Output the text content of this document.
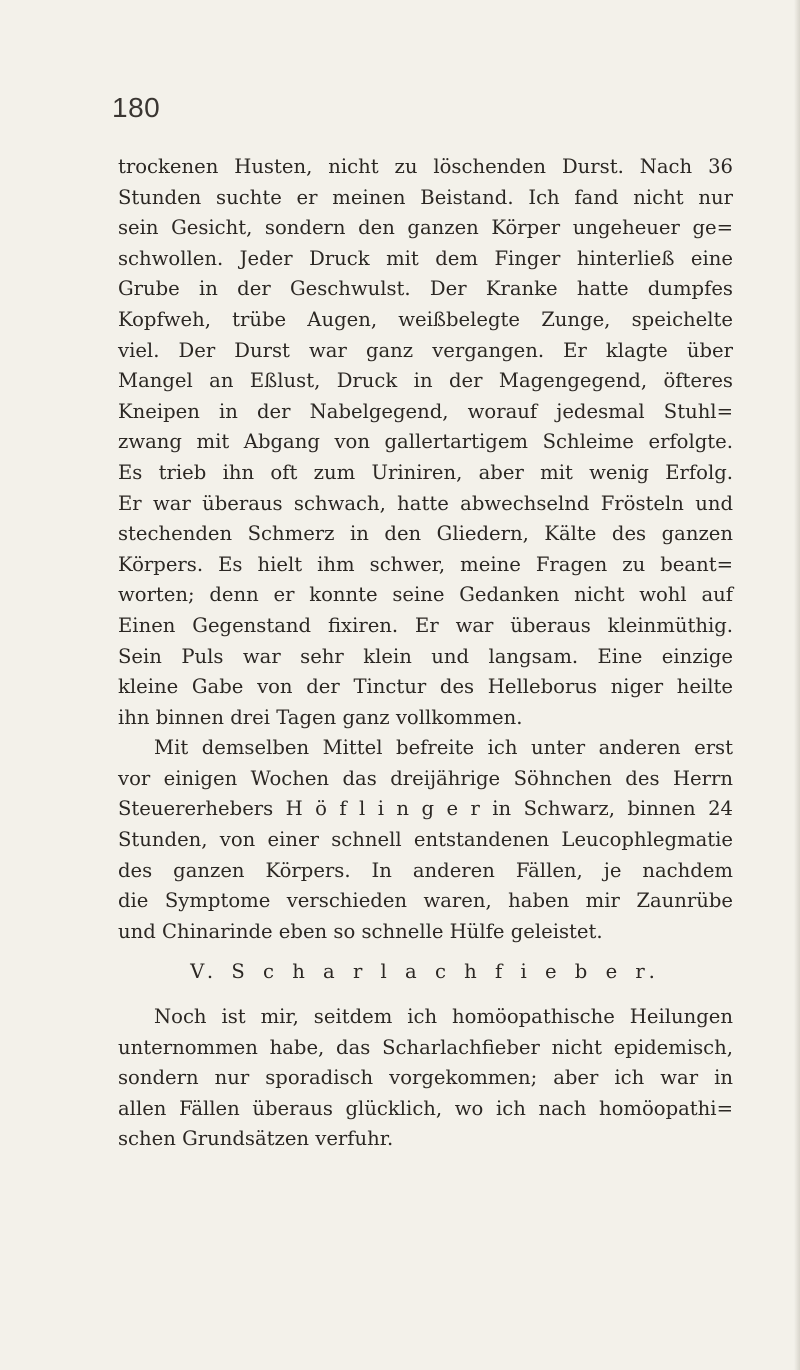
180
trockenen Husten, nicht zu löschenden Durst. Nach 36
Stunden suchte er meinen Beistand. Ich fand nicht nur
sein Gesicht, sondern den ganzen Körper ungeheuer ge=
schwollen. Jeder Druck mit dem Finger hinterließ eine
Grube in der Geschwulst. Der Kranke hatte dumpfes
Kopfweh, trübe Augen, weißbelegte Zunge, speichelte
viel. Der Durst war ganz vergangen. Er klagte über
Mangel an Eßlust, Druck in der Magengegend, öfteres
Kneipen in der Nabelgegend, worauf jedesmal Stuhl=
zwang mit Abgang von gallertartigem Schleime erfolgte.
Es trieb ihn oft zum Uriniren, aber mit wenig Erfolg.
Er war überaus schwach, hatte abwechselnd Frösteln und
stechenden Schmerz in den Gliedern, Kälte des ganzen
Körpers. Es hielt ihm schwer, meine Fragen zu beant=
worten; denn er konnte seine Gedanken nicht wohl auf
Einen Gegenstand fixiren. Er war überaus kleinmüthig.
Sein Puls war sehr klein und langsam. Eine einzige
kleine Gabe von der Tinctur des Helleborus niger heilte
ihn binnen drei Tagen ganz vollkommen.
Mit demselben Mittel befreite ich unter anderen erst
vor einigen Wochen das dreijährige Söhnchen des Herrn
Steuererhebers H ö f l i n g e r in Schwarz, binnen 24
Stunden, von einer schnell entstandenen Leucophlegmatie
des ganzen Körpers. In anderen Fällen, je nachdem
die Symptome verschieden waren, haben mir Zaunrübe
und Chinarinde eben so schnelle Hülfe geleistet.
V. S c h a r l a c h f i e b e r.
Noch ist mir, seitdem ich homöopathische Heilungen
unternommen habe, das Scharlachfieber nicht epidemisch,
sondern nur sporadisch vorgekommen; aber ich war in
allen Fällen überaus glücklich, wo ich nach homöopathi=
schen Grundsätzen verfuhr.
